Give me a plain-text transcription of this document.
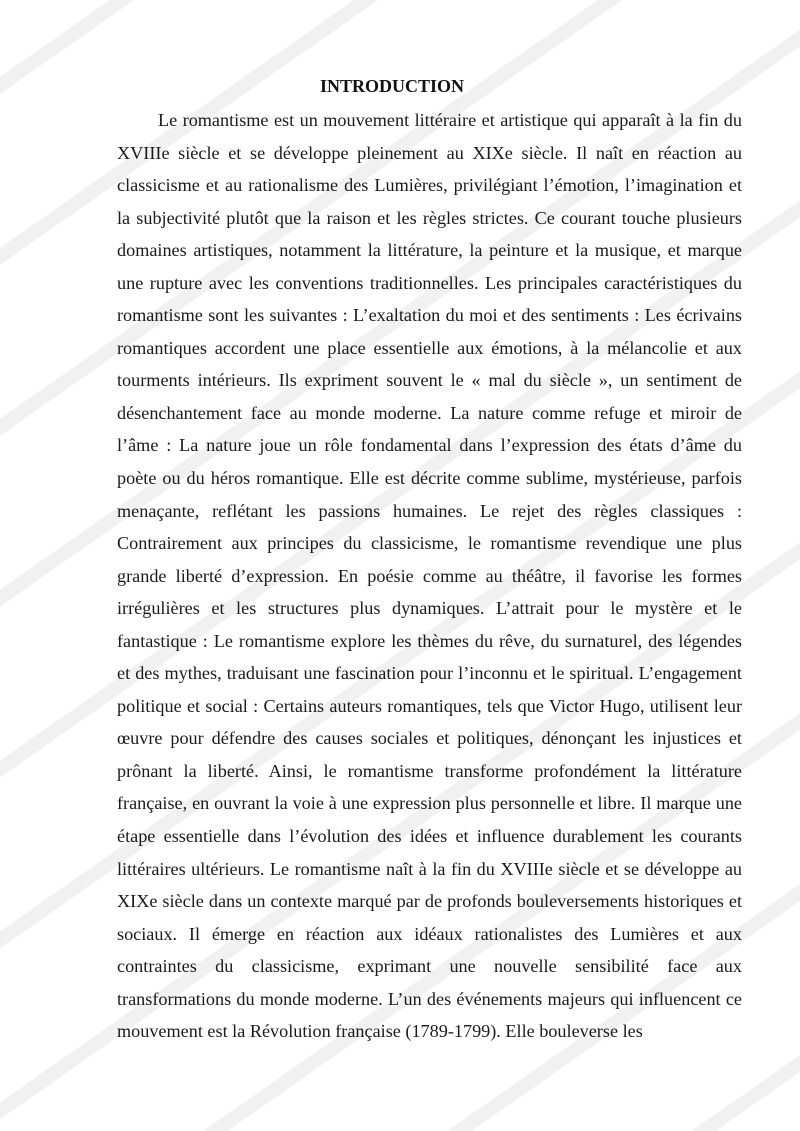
INTRODUCTION

Le romantisme est un mouvement littéraire et artistique qui apparaît à la fin du XVIIIe siècle et se développe pleinement au XIXe siècle. Il naît en réaction au classicisme et au rationalisme des Lumières, privilégiant l’émotion, l’imagination et la subjectivité plutôt que la raison et les règles strictes. Ce courant touche plusieurs domaines artistiques, notamment la littérature, la peinture et la musique, et marque une rupture avec les conventions traditionnelles. Les principales caractéristiques du romantisme sont les suivantes : L’exaltation du moi et des sentiments : Les écrivains romantiques accordent une place essentielle aux émotions, à la mélancolie et aux tourments intérieurs. Ils expriment souvent le « mal du siècle », un sentiment de désenchantement face au monde moderne. La nature comme refuge et miroir de l’âme : La nature joue un rôle fondamental dans l’expression des états d’âme du poète ou du héros romantique. Elle est décrite comme sublime, mystérieuse, parfois menaçante, reflétant les passions humaines. Le rejet des règles classiques : Contrairement aux principes du classicisme, le romantisme revendique une plus grande liberté d’expression. En poésie comme au théâtre, il favorise les formes irrégulières et les structures plus dynamiques. L’attrait pour le mystère et le fantastique : Le romantisme explore les thèmes du rêve, du surnaturel, des légendes et des mythes, traduisant une fascination pour l’inconnu et le spiritual. L’engagement politique et social : Certains auteurs romantiques, tels que Victor Hugo, utilisent leur œuvre pour défendre des causes sociales et politiques, dénonçant les injustices et prônant la liberté. Ainsi, le romantisme transforme profondément la littérature française, en ouvrant la voie à une expression plus personnelle et libre. Il marque une étape essentielle dans l’évolution des idées et influence durablement les courants littéraires ultérieurs. Le romantisme naît à la fin du XVIIIe siècle et se développe au XIXe siècle dans un contexte marqué par de profonds bouleversements historiques et sociaux. Il émerge en réaction aux idéaux rationalistes des Lumières et aux contraintes du classicisme, exprimant une nouvelle sensibilité face aux transformations du monde moderne. L’un des événements majeurs qui influencent ce mouvement est la Révolution française (1789-1799). Elle bouleverse les
